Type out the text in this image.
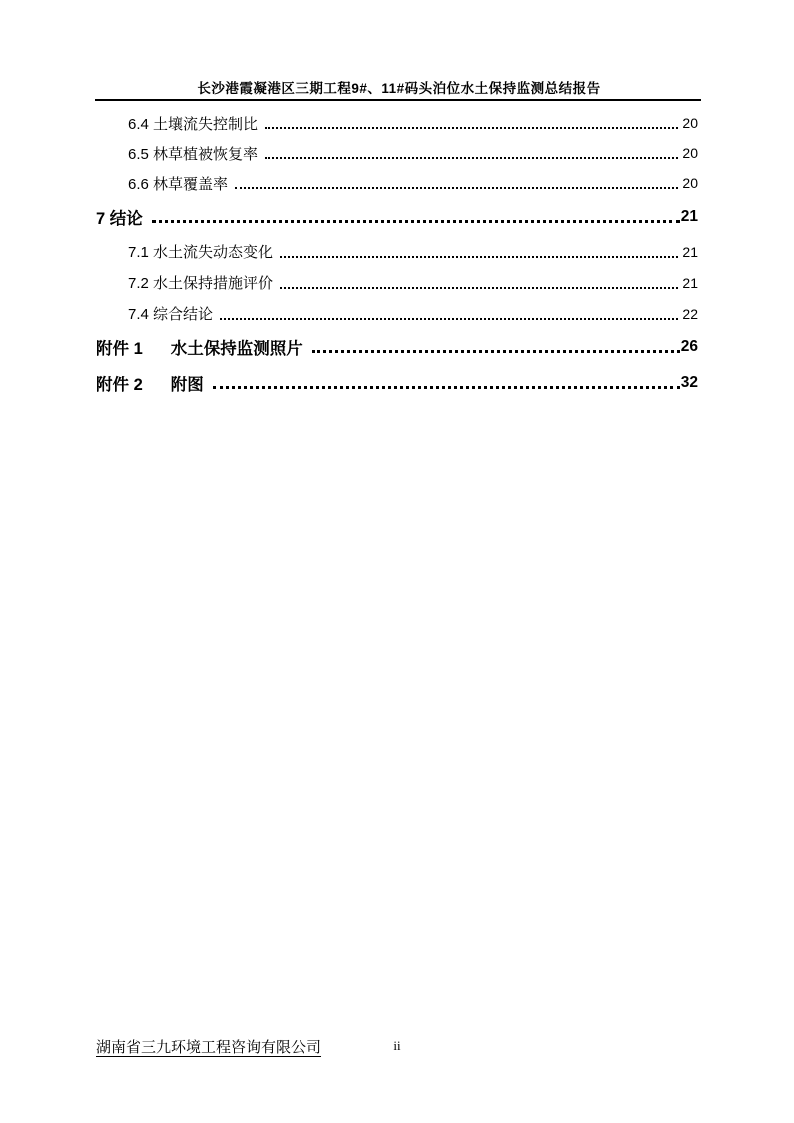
长沙港霞凝港区三期工程9#、11#码头泊位水土保持监测总结报告
6.4 土壤流失控制比	20
6.5 林草植被恢复率	20
6.6 林草覆盖率	20
7 结论	21
7.1 水土流失动态变化	21
7.2 水土保持措施评价	21
7.4 综合结论	22
附件 1 水土保持监测照片	26
附件 2 附图	32
湖南省三九环境工程咨询有限公司	ii
